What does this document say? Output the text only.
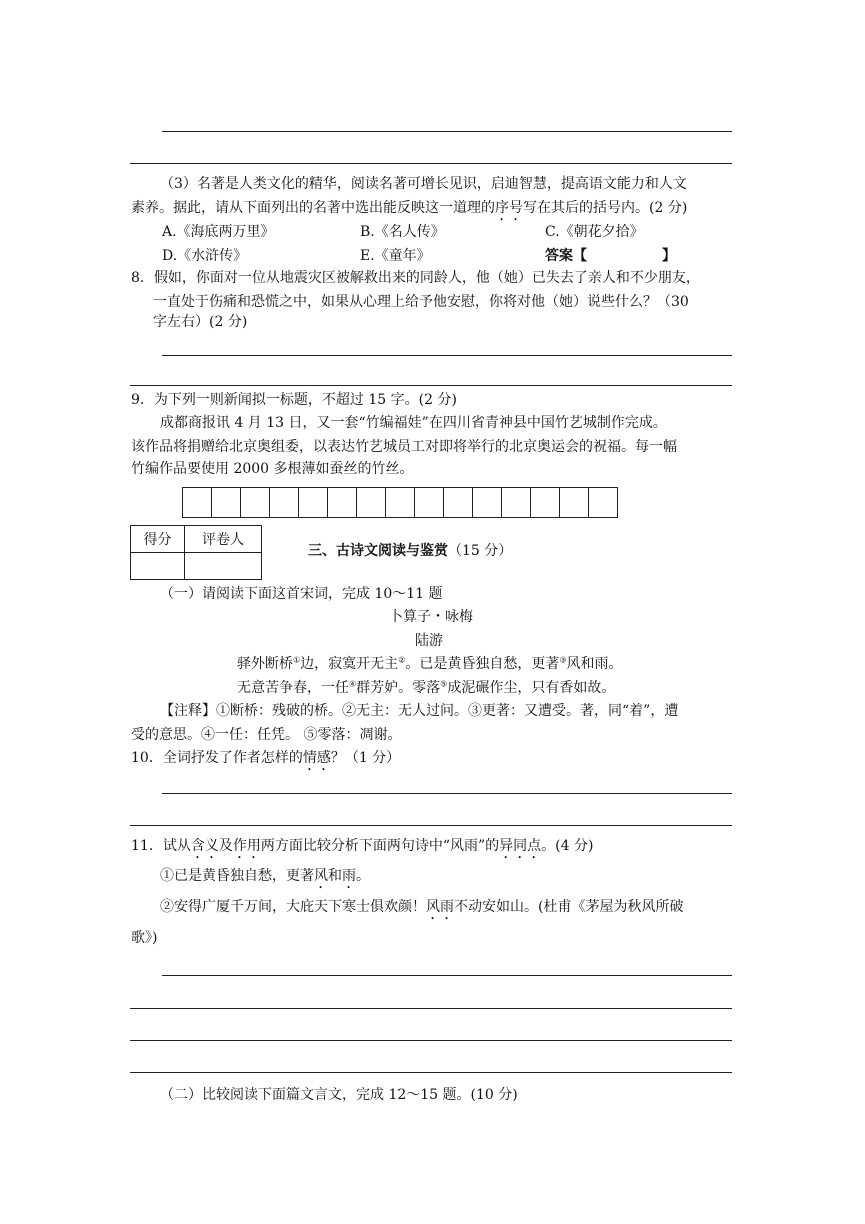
（3）名著是人类文化的精华，阅读名著可增长见识，启迪智慧，提高语文能力和人文
素养。据此，请从下面列出的名著中选出能反映这一道理的序号写在其后的括号内。(2 分)
A.《海底两万里》	B.《名人传》	C.《朝花夕拾》
D.《水浒传》	E.《童年》	答案【	】
8．假如，你面对一位从地震灾区被解救出来的同龄人，他（她）已失去了亲人和不少朋友，
一直处于伤痛和恐慌之中，如果从心理上给予他安慰，你将对他（她）说些什么？（30
字左右）(2 分)
9．为下列一则新闻拟一标题，不超过 15 字。(2 分)
成都商报讯 4 月 13 日，又一套“竹编福娃”在四川省青神县中国竹艺城制作完成。
该作品将捐赠给北京奥组委，以表达竹艺城员工对即将举行的北京奥运会的祝福。每一幅
竹编作品要使用 2000 多根薄如蚕丝的竹丝。
得分	评卷人

三、古诗文阅读与鉴赏（15 分）
（一）请阅读下面这首宋词，完成 10～11 题
卜算子・咏梅
陆游
驿外断桥①边，寂寞开无主②。已是黄昏独自愁，更著③风和雨。
无意苦争春，一任④群芳妒。零落⑤成泥碾作尘，只有香如故。
【注释】①断桥：残破的桥。②无主：无人过问。③更著：又遭受。著，同“着”，遭
受的意思。④一任：任凭。 ⑤零落：凋谢。
10．全词抒发了作者怎样的情感？（1 分）
11．试从含义及作用两方面比较分析下面两句诗中“风雨”的异同点。(4 分)
①已是黄昏独自愁，更著风和雨。
②安得广厦千万间，大庇天下寒士俱欢颜！风雨不动安如山。(杜甫《茅屋为秋风所破
歌》)
（二）比较阅读下面篇文言文，完成 12～15 题。(10 分)
